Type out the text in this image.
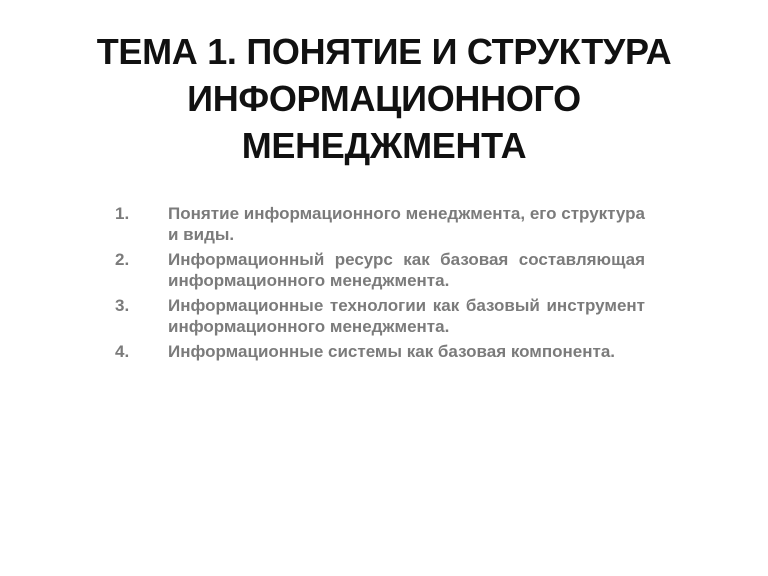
ТЕМА 1. ПОНЯТИЕ И СТРУКТУРА ИНФОРМАЦИОННОГО МЕНЕДЖМЕНТА
1.	Понятие информационного менеджмента, его структура и виды.
2.	Информационный ресурс как базовая составляющая информационного менеджмента.
3.	Информационные технологии как базовый инструмент информационного менеджмента.
4.	Информационные системы как базовая компонента.
